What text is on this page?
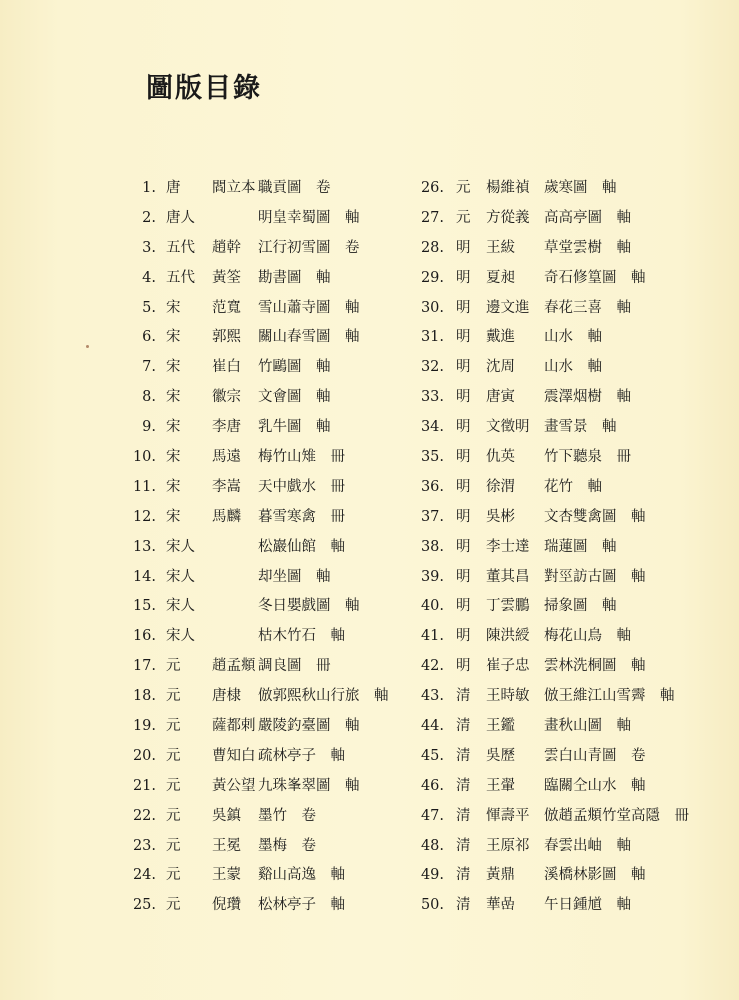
圖版目錄
1. 唐 閻立本 職貢圖　卷
2. 唐人	明皇幸蜀圖　軸
3. 五代 趙幹 江行初雪圖　卷
4. 五代 黃筌 勘書圖　軸
5. 宋 范寬 雪山蕭寺圖　軸
6. 宋 郭熙 關山春雪圖　軸
7. 宋 崔白 竹鷗圖　軸
8. 宋 徽宗 文會圖　軸
9. 宋 李唐 乳牛圖　軸
10. 宋 馬遠 梅竹山雉　冊
11. 宋 李嵩 天中戲水　冊
12. 宋 馬麟 暮雪寒禽　冊
13. 宋人	松巖仙館　軸
14. 宋人	却坐圖　軸
15. 宋人	冬日嬰戲圖　軸
16. 宋人	枯木竹石　軸
17. 元 趙孟頫 調良圖　冊
18. 元 唐棣 倣郭熙秋山行旅　軸
19. 元 薩都剌 嚴陵釣臺圖　軸
20. 元 曹知白 疏林亭子　軸
21. 元 黃公望 九珠峯翠圖　軸
22. 元 吳鎮 墨竹　卷
23. 元 王冕 墨梅　卷
24. 元 王蒙 谿山高逸　軸
25. 元 倪瓚 松林亭子　軸
26. 元 楊維禎 歲寒圖　軸
27. 元 方從義 高高亭圖　軸
28. 明 王紱 草堂雲樹　軸
29. 明 夏昶 奇石修篁圖　軸
30. 明 邊文進 春花三喜　軸
31. 明 戴進 山水　軸
32. 明 沈周 山水　軸
33. 明 唐寅 震澤烟樹　軸
34. 明 文徵明 畫雪景　軸
35. 明 仇英 竹下聽泉　冊
36. 明 徐渭 花竹　軸
37. 明 吳彬 文杏雙禽圖　軸
38. 明 李士達 瑞蓮圖　軸
39. 明 董其昌 對巠訪古圖　軸
40. 明 丁雲鵬 掃象圖　軸
41. 明 陳洪綬 梅花山鳥　軸
42. 明 崔子忠 雲林洗桐圖　軸
43. 清 王時敏 倣王維江山雪霽　軸
44. 清 王鑑 畫秋山圖　軸
45. 清 吳歷 雲白山青圖　卷
46. 清 王翬 臨關仝山水　軸
47. 清 惲壽平 倣趙孟頫竹堂高隱　冊
48. 清 王原祁 春雲出岫　軸
49. 清 黃鼎 溪橋林影圖　軸
50. 清 華嵒 午日鍾馗　軸
